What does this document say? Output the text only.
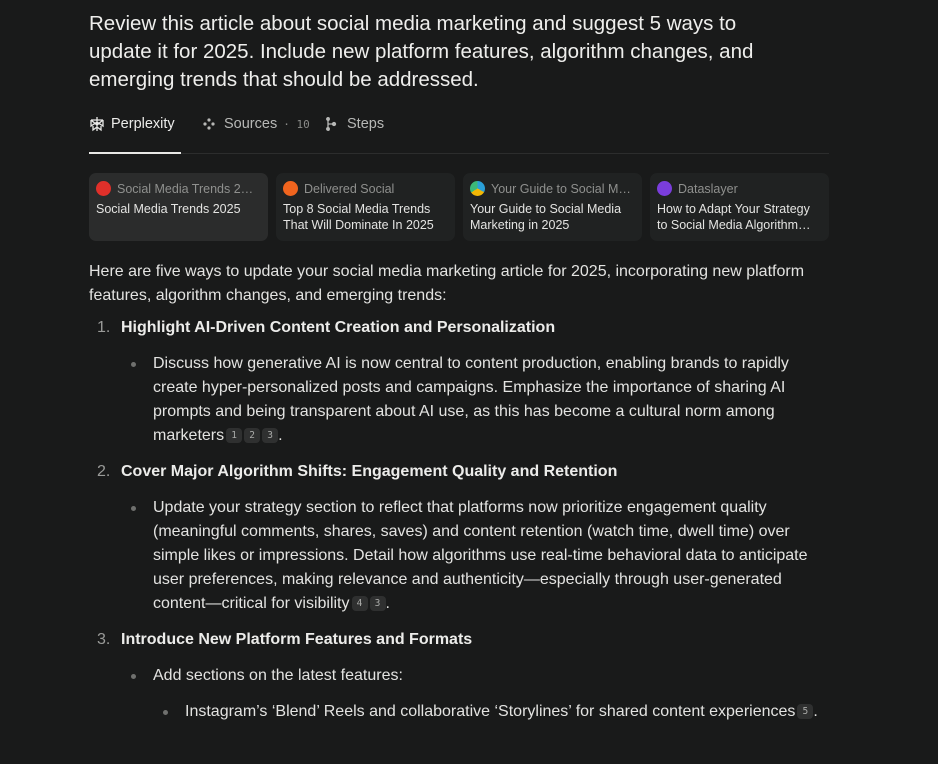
Review this article about social media marketing and suggest 5 ways to update it for 2025. Include new platform features, algorithm changes, and emerging trends that should be addressed.
Perplexity	Sources · 10	Steps
Social Media Trends 2…
Social Media Trends 2025
Delivered Social
Top 8 Social Media Trends That Will Dominate In 2025
Your Guide to Social M…
Your Guide to Social Media Marketing in 2025
Dataslayer
How to Adapt Your Strategy to Social Media Algorithm…

Here are five ways to update your social media marketing article for 2025, incorporating new platform features, algorithm changes, and emerging trends:

1. Highlight AI-Driven Content Creation and Personalization
Discuss how generative AI is now central to content production, enabling brands to rapidly create hyper-personalized posts and campaigns. Emphasize the importance of sharing AI prompts and being transparent about AI use, as this has become a cultural norm among marketers 1 2 3 .
2. Cover Major Algorithm Shifts: Engagement Quality and Retention
Update your strategy section to reflect that platforms now prioritize engagement quality (meaningful comments, shares, saves) and content retention (watch time, dwell time) over simple likes or impressions. Detail how algorithms use real-time behavioral data to anticipate user preferences, making relevance and authenticity—especially through user-generated content—critical for visibility 4 3 .
3. Introduce New Platform Features and Formats
Add sections on the latest features:
Instagram’s ‘Blend’ Reels and collaborative ‘Storylines’ for shared content experiences 5 .
